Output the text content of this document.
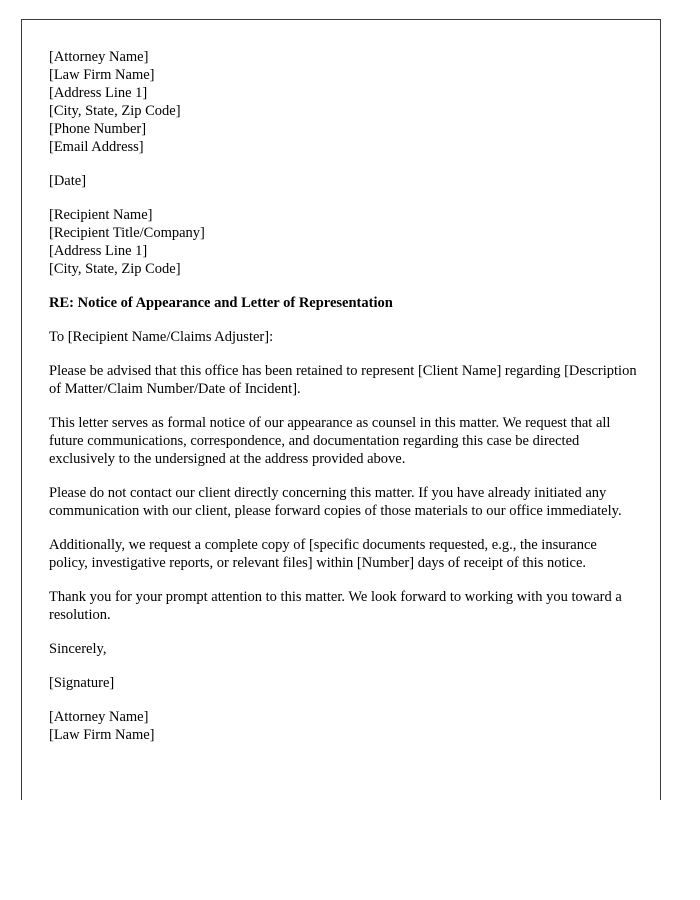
[Attorney Name]
[Law Firm Name]
[Address Line 1]
[City, State, Zip Code]
[Phone Number]
[Email Address]
[Date]
[Recipient Name]
[Recipient Title/Company]
[Address Line 1]
[City, State, Zip Code]
RE: Notice of Appearance and Letter of Representation
To [Recipient Name/Claims Adjuster]:
Please be advised that this office has been retained to represent [Client Name] regarding [Description of Matter/Claim Number/Date of Incident].
This letter serves as formal notice of our appearance as counsel in this matter. We request that all future communications, correspondence, and documentation regarding this case be directed exclusively to the undersigned at the address provided above.
Please do not contact our client directly concerning this matter. If you have already initiated any communication with our client, please forward copies of those materials to our office immediately.
Additionally, we request a complete copy of [specific documents requested, e.g., the insurance policy, investigative reports, or relevant files] within [Number] days of receipt of this notice.
Thank you for your prompt attention to this matter. We look forward to working with you toward a resolution.
Sincerely,
[Signature]
[Attorney Name]
[Law Firm Name]
